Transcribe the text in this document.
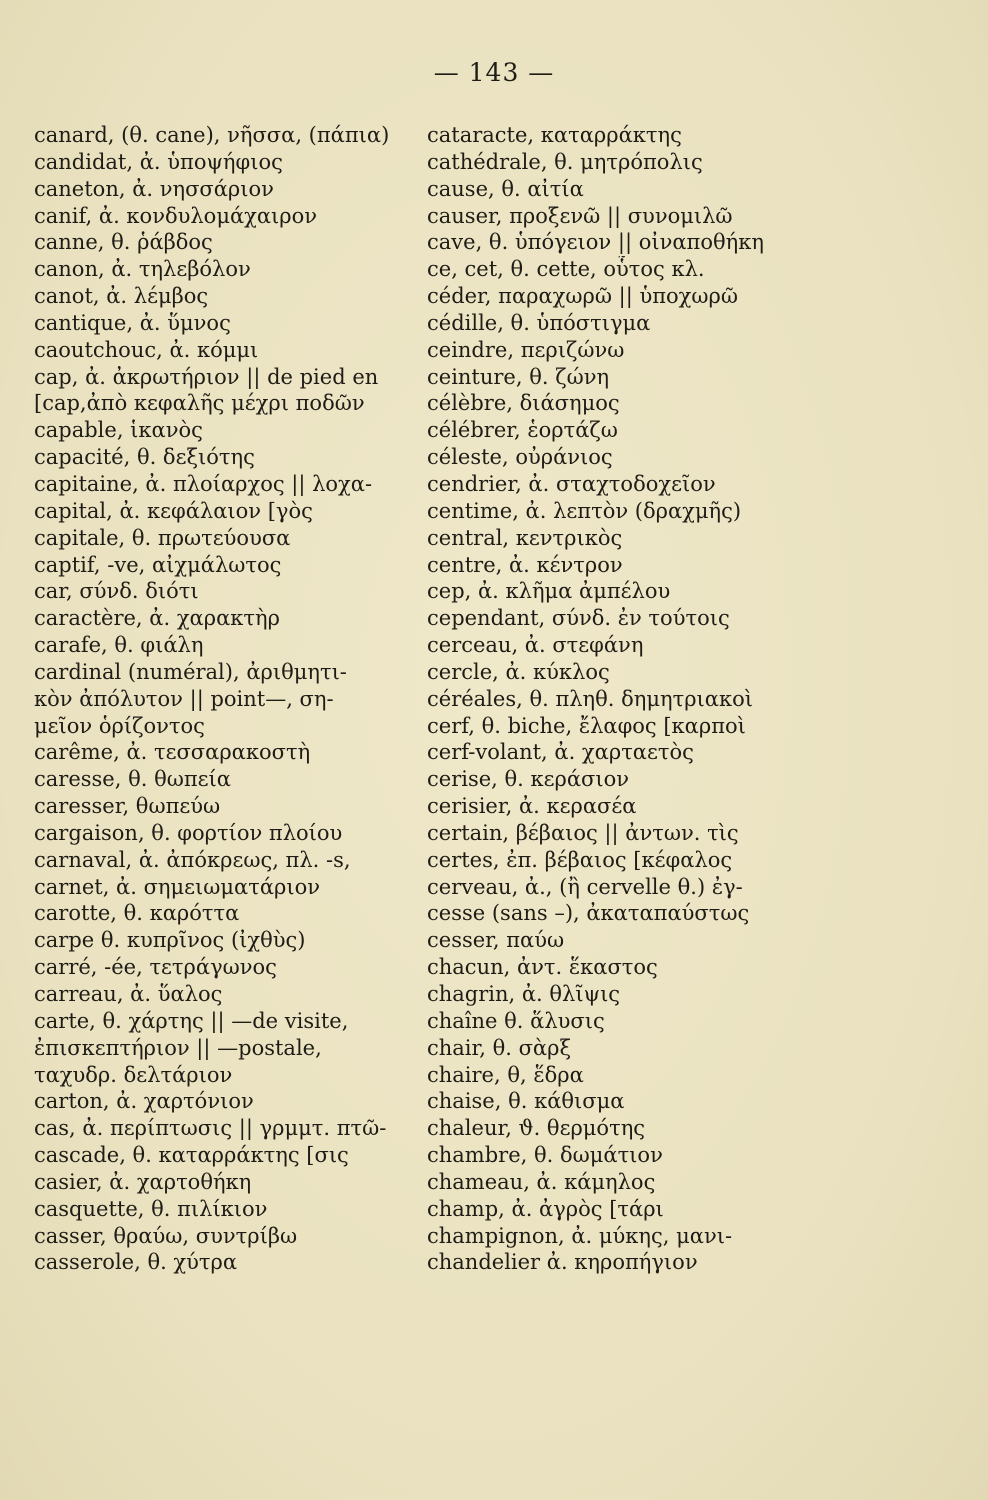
— 143 —
canard, (θ. cane), νῆσσα, (πάπια)
candidat, ἀ. ὑποψήφιος
caneton, ἀ. νησσάριον
canif, ἀ. κονδυλομάχαιρον
canne, θ. ῥάβδος
canon, ἀ. τηλεβόλον
canot, ἀ. λέμβος
cantique, ἀ. ὕμνος
caoutchouc, ἀ. κόμμι
cap, ἀ. ἀκρωτήριον || de pied en
[cap,ἀπὸ κεφαλῆς μέχρι ποδῶν
capable, ἱκανὸς
capacité, θ. δεξιότης
capitaine, ἀ. πλοίαρχος || λοχα-
capital, ἀ. κεφάλαιον [γὸς
capitale, θ. πρωτεύουσα
captif, -ve, αἰχμάλωτος
car, σύνδ. διότι
caractère, ἀ. χαρακτὴρ
carafe, θ. φιάλη
cardinal (numéral), ἀριθμητι-
κὸν ἀπόλυτον || point—, ση-
μεῖον ὁρίζοντος
carême, ἀ. τεσσαρακοστὴ
caresse, θ. θωπεία
caresser, θωπεύω
cargaison, θ. φορτίον πλοίου
carnaval, ἀ. ἀπόκρεως, πλ. -s,
carnet, ἀ. σημειωματάριον
carotte, θ. καρόττα
carpe θ. κυπρῖνος (ἰχθὺς)
carré, -ée, τετράγωνος
carreau, ἀ. ὕαλος
carte, θ. χάρτης || —de visite,
ἐπισκεπτήριον || —postale,
ταχυδρ. δελτάριον
carton, ἀ. χαρτόνιον
cas, ἀ. περίπτωσις || γρμμτ. πτῶ-
cascade, θ. καταρράκτης [σις
casier, ἀ. χαρτοθήκη
casquette, θ. πιλίκιον
casser, θραύω, συντρίβω
casserole, θ. χύτρα
cataracte, καταρράκτης
cathédrale, θ. μητρόπολις
cause, θ. αἰτία
causer, προξενῶ || συνομιλῶ
cave, θ. ὑπόγειον || οἰναποθήκη
ce, cet, θ. cette, οὗτος κλ.
céder, παραχωρῶ || ὑποχωρῶ
cédille, θ. ὑπόστιγμα
ceindre, περιζώνω
ceinture, θ. ζώνη
célèbre, διάσημος
célébrer, ἑορτάζω
céleste, οὐράνιος
cendrier, ἀ. σταχτοδοχεῖον
centime, ἀ. λεπτὸν (δραχμῆς)
central, κεντρικὸς
centre, ἀ. κέντρον
cep, ἀ. κλῆμα ἀμπέλου
cependant, σύνδ. ἐν τούτοις
cerceau, ἀ. στεφάνη
cercle, ἀ. κύκλος
céréales, θ. πληθ. δημητριακοὶ
cerf, θ. biche, ἔλαφος [καρποὶ
cerf-volant, ἀ. χαρταετὸς
cerise, θ. κεράσιον
cerisier, ἀ. κερασέα
certain, βέβαιος || ἀντων. τὶς
certes, ἐπ. βέβαιος [κέφαλος
cerveau, ἀ., (ἢ cervelle θ.) ἐγ-
cesse (sans –), ἀκαταπαύστως
cesser, παύω
chacun, ἀντ. ἕκαστος
chagrin, ἀ. θλῖψις
chaîne θ. ἅλυσις
chair, θ. σὰρξ
chaire, θ, ἕδρα
chaise, θ. κάθισμα
chaleur, ϑ. θερμότης
chambre, θ. δωμάτιον
chameau, ἀ. κάμηλος
champ, ἀ. ἀγρὸς [τάρι
champignon, ἀ. μύκης, μανι-
chandelier ἀ. κηροπήγιον
